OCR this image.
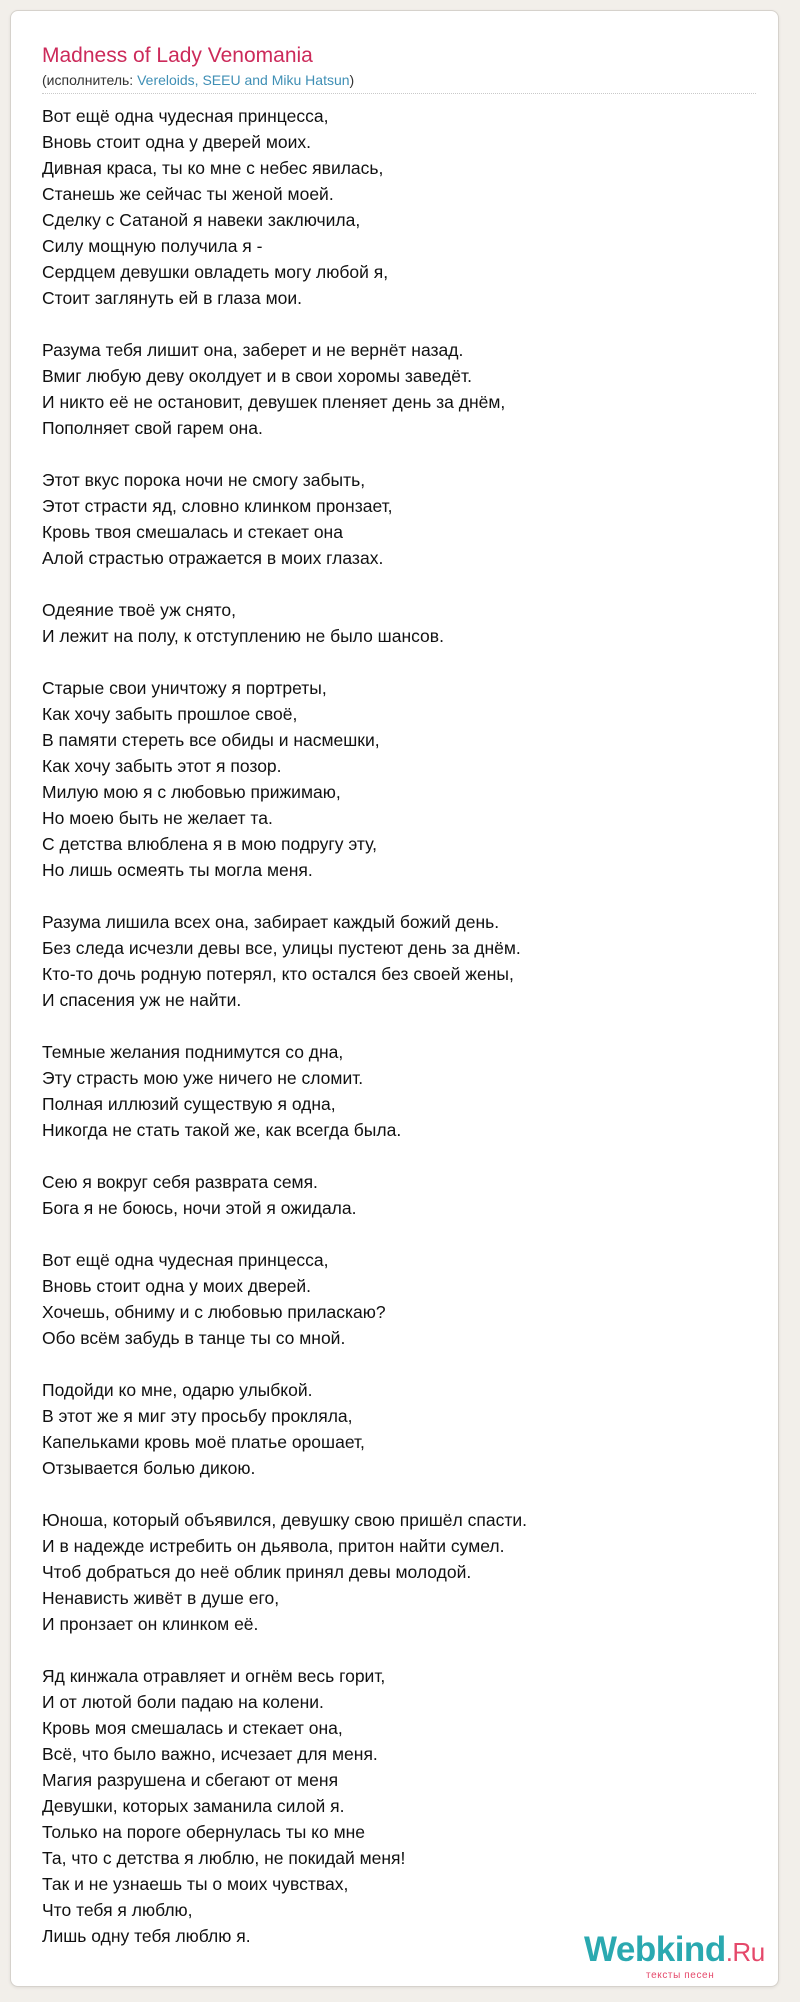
Madness of Lady Venomania
(исполнитель: Vereloids, SEEU and Miku Hatsun)
Вот ещё одна чудесная принцесса,
Вновь стоит одна у дверей моих.
Дивная краса, ты ко мне с небес явилась,
Станешь же сейчас ты женой моей.
Сделку с Сатаной я навеки заключила,
Силу мощную получила я -
Сердцем девушки овладеть могу любой я,
Стоит заглянуть ей в глаза мои.
Разума тебя лишит она, заберет и не вернёт назад.
Вмиг любую деву околдует и в свои хоромы заведёт.
И никто её не остановит, девушек пленяет день за днём,
Пополняет свой гарем она.
Этот вкус порока ночи не смогу забыть,
Этот страсти яд, словно клинком пронзает,
Кровь твоя смешалась и стекает она
Алой страстью отражается в моих глазах.
Одеяние твоё уж снято,
И лежит на полу, к отступлению не было шансов.
Старые свои уничтожу я портреты,
Как хочу забыть прошлое своё,
В памяти стереть все обиды и насмешки,
Как хочу забыть этот я позор.
Милую мою я с любовью прижимаю,
Но моею быть не желает та.
С детства влюблена я в мою подругу эту,
Но лишь осмеять ты могла меня.
Разума лишила всех она, забирает каждый божий день.
Без следа исчезли девы все, улицы пустеют день за днём.
Кто-то дочь родную потерял, кто остался без своей жены,
И спасения уж не найти.
Темные желания поднимутся со дна,
Эту страсть мою уже ничего не сломит.
Полная иллюзий существую я одна,
Никогда не стать такой же, как всегда была.
Сею я вокруг себя разврата семя.
Бога я не боюсь, ночи этой я ожидала.
Вот ещё одна чудесная принцесса,
Вновь стоит одна у моих дверей.
Хочешь, обниму и с любовью приласкаю?
Обо всём забудь в танце ты со мной.
Подойди ко мне, одарю улыбкой.
В этот же я миг эту просьбу прокляла,
Капельками кровь моё платье орошает,
Отзывается болью дикою.
Юноша, который объявился, девушку свою пришёл спасти.
И в надежде истребить он дьявола, притон найти сумел.
Чтоб добраться до неё облик принял девы молодой.
Ненависть живёт в душе его,
И пронзает он клинком её.
Яд кинжала отравляет и огнём весь горит,
И от лютой боли падаю на колени.
Кровь моя смешалась и стекает она,
Всё, что было важно, исчезает для меня.
Магия разрушена и сбегают от меня
Девушки, которых заманила силой я.
Только на пороге обернулась ты ко мне
Та, что с детства я люблю, не покидай меня!
Так и не узнаешь ты о моих чувствах,
Что тебя я люблю,
Лишь одну тебя люблю я.	Webkind.Ru
тексты песен
